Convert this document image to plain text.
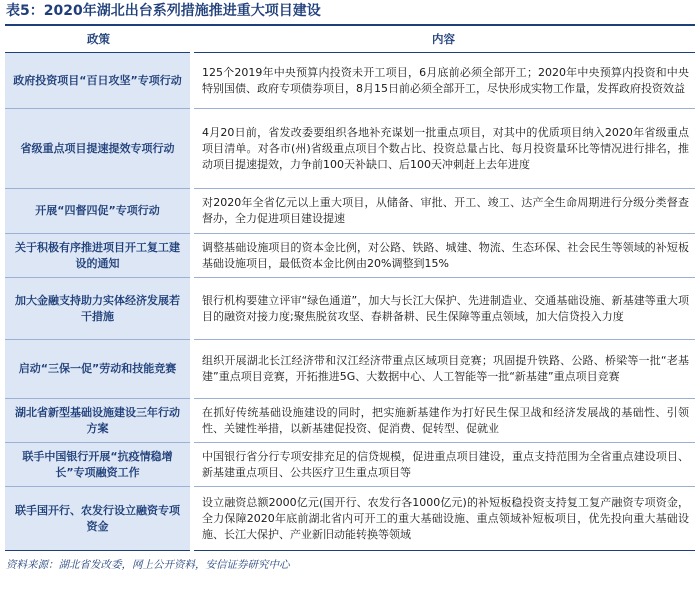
表5：2020年湖北出台系列措施推进重大项目建设
政策	内容
政府投资项目“百日攻坚”专项行动	125个2019年中央预算内投资未开工项目，6月底前必须全部开工；2020年中央预算内投资和中央特别国债、政府专项债券项目，8月15日前必须全部开工，尽快形成实物工作量，发挥政府投资效益
省级重点项目提速提效专项行动	4月20日前，省发改委要组织各地补充谋划一批重点项目，对其中的优质项目纳入2020年省级重点项目清单。对各市(州)省级重点项目个数占比、投资总量占比、每月投资量环比等情况进行排名，推动项目提速提效，力争前100天补缺口、后100天冲刺赶上去年进度
开展“四督四促”专项行动	对2020年全省亿元以上重大项目，从储备、审批、开工、竣工、达产全生命周期进行分级分类督查督办，全力促进项目建设提速
关于积极有序推进项目开工复工建设的通知	调整基础设施项目的资本金比例，对公路、铁路、城建、物流、生态环保、社会民生等领域的补短板基础设施项目，最低资本金比例由20%调整到15%
加大金融支持助力实体经济发展若干措施	银行机构要建立评审“绿色通道”，加大与长江大保护、先进制造业、交通基础设施、新基建等重大项目的融资对接力度;聚焦脱贫攻坚、春耕备耕、民生保障等重点领域，加大信贷投入力度
启动“三保一促”劳动和技能竞赛	组织开展湖北长江经济带和汉江经济带重点区域项目竞赛；巩固提升铁路、公路、桥梁等一批“老基建”重点项目竞赛，开拓推进5G、大数据中心、人工智能等一批“新基建”重点项目竞赛
湖北省新型基础设施建设三年行动方案	在抓好传统基础设施建设的同时，把实施新基建作为打好民生保卫战和经济发展战的基础性、引领性、关键性举措，以新基建促投资、促消费、促转型、促就业
联手中国银行开展“抗疫情稳增长”专项融资工作	中国银行省分行专项安排充足的信贷规模，促进重点项目建设，重点支持范围为全省重点建设项目、新基建重点项目、公共医疗卫生重点项目等
联手国开行、农发行设立融资专项资金	设立融资总额2000亿元(国开行、农发行各1000亿元)的补短板稳投资支持复工复产融资专项资金，全力保障2020年底前湖北省内可开工的重大基础设施、重点领域补短板项目，优先投向重大基础设施、长江大保护、产业新旧动能转换等领域
资料来源：湖北省发改委，网上公开资料，安信证券研究中心
